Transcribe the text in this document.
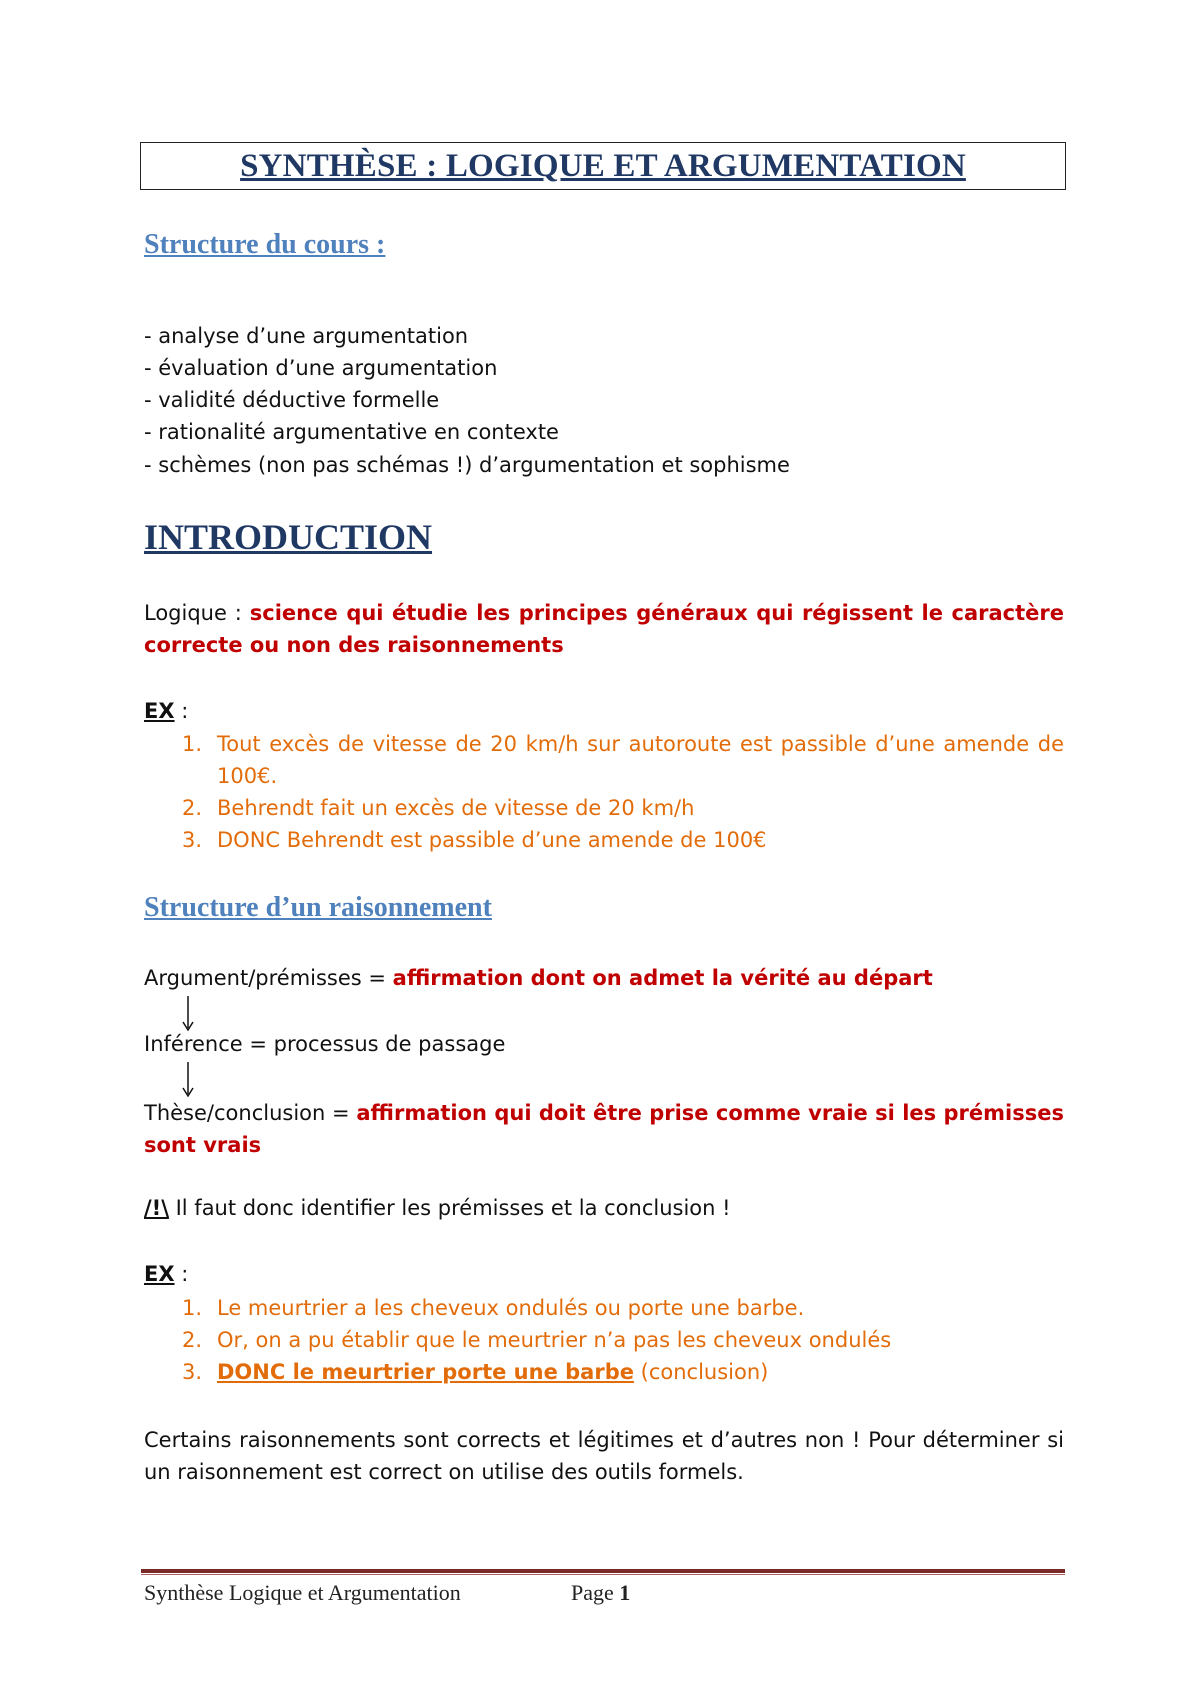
SYNTHÈSE : LOGIQUE ET ARGUMENTATION
Structure du cours :
- analyse d’une argumentation
- évaluation d’une argumentation
- validité déductive formelle
- rationalité argumentative en contexte
- schèmes (non pas schémas !) d’argumentation et sophisme
INTRODUCTION
Logique : science qui étudie les principes généraux qui régissent le caractère correcte ou non des raisonnements
EX :
1. Tout excès de vitesse de 20 km/h sur autoroute est passible d’une amende de 100€.
2. Behrendt fait un excès de vitesse de 20 km/h
3. DONC Behrendt est passible d’une amende de 100€
Structure d’un raisonnement
Argument/prémisses = affirmation dont on admet la vérité au départ
Inférence = processus de passage
Thèse/conclusion = affirmation qui doit être prise comme vraie si les prémisses sont vrais
/!\ Il faut donc identifier les prémisses et la conclusion !
EX :
1. Le meurtrier a les cheveux ondulés ou porte une barbe.
2. Or, on a pu établir que le meurtrier n’a pas les cheveux ondulés
3. DONC le meurtrier porte une barbe (conclusion)
Certains raisonnements sont corrects et légitimes et d’autres non ! Pour déterminer si un raisonnement est correct on utilise des outils formels.
Synthèse Logique et Argumentation	Page 1
